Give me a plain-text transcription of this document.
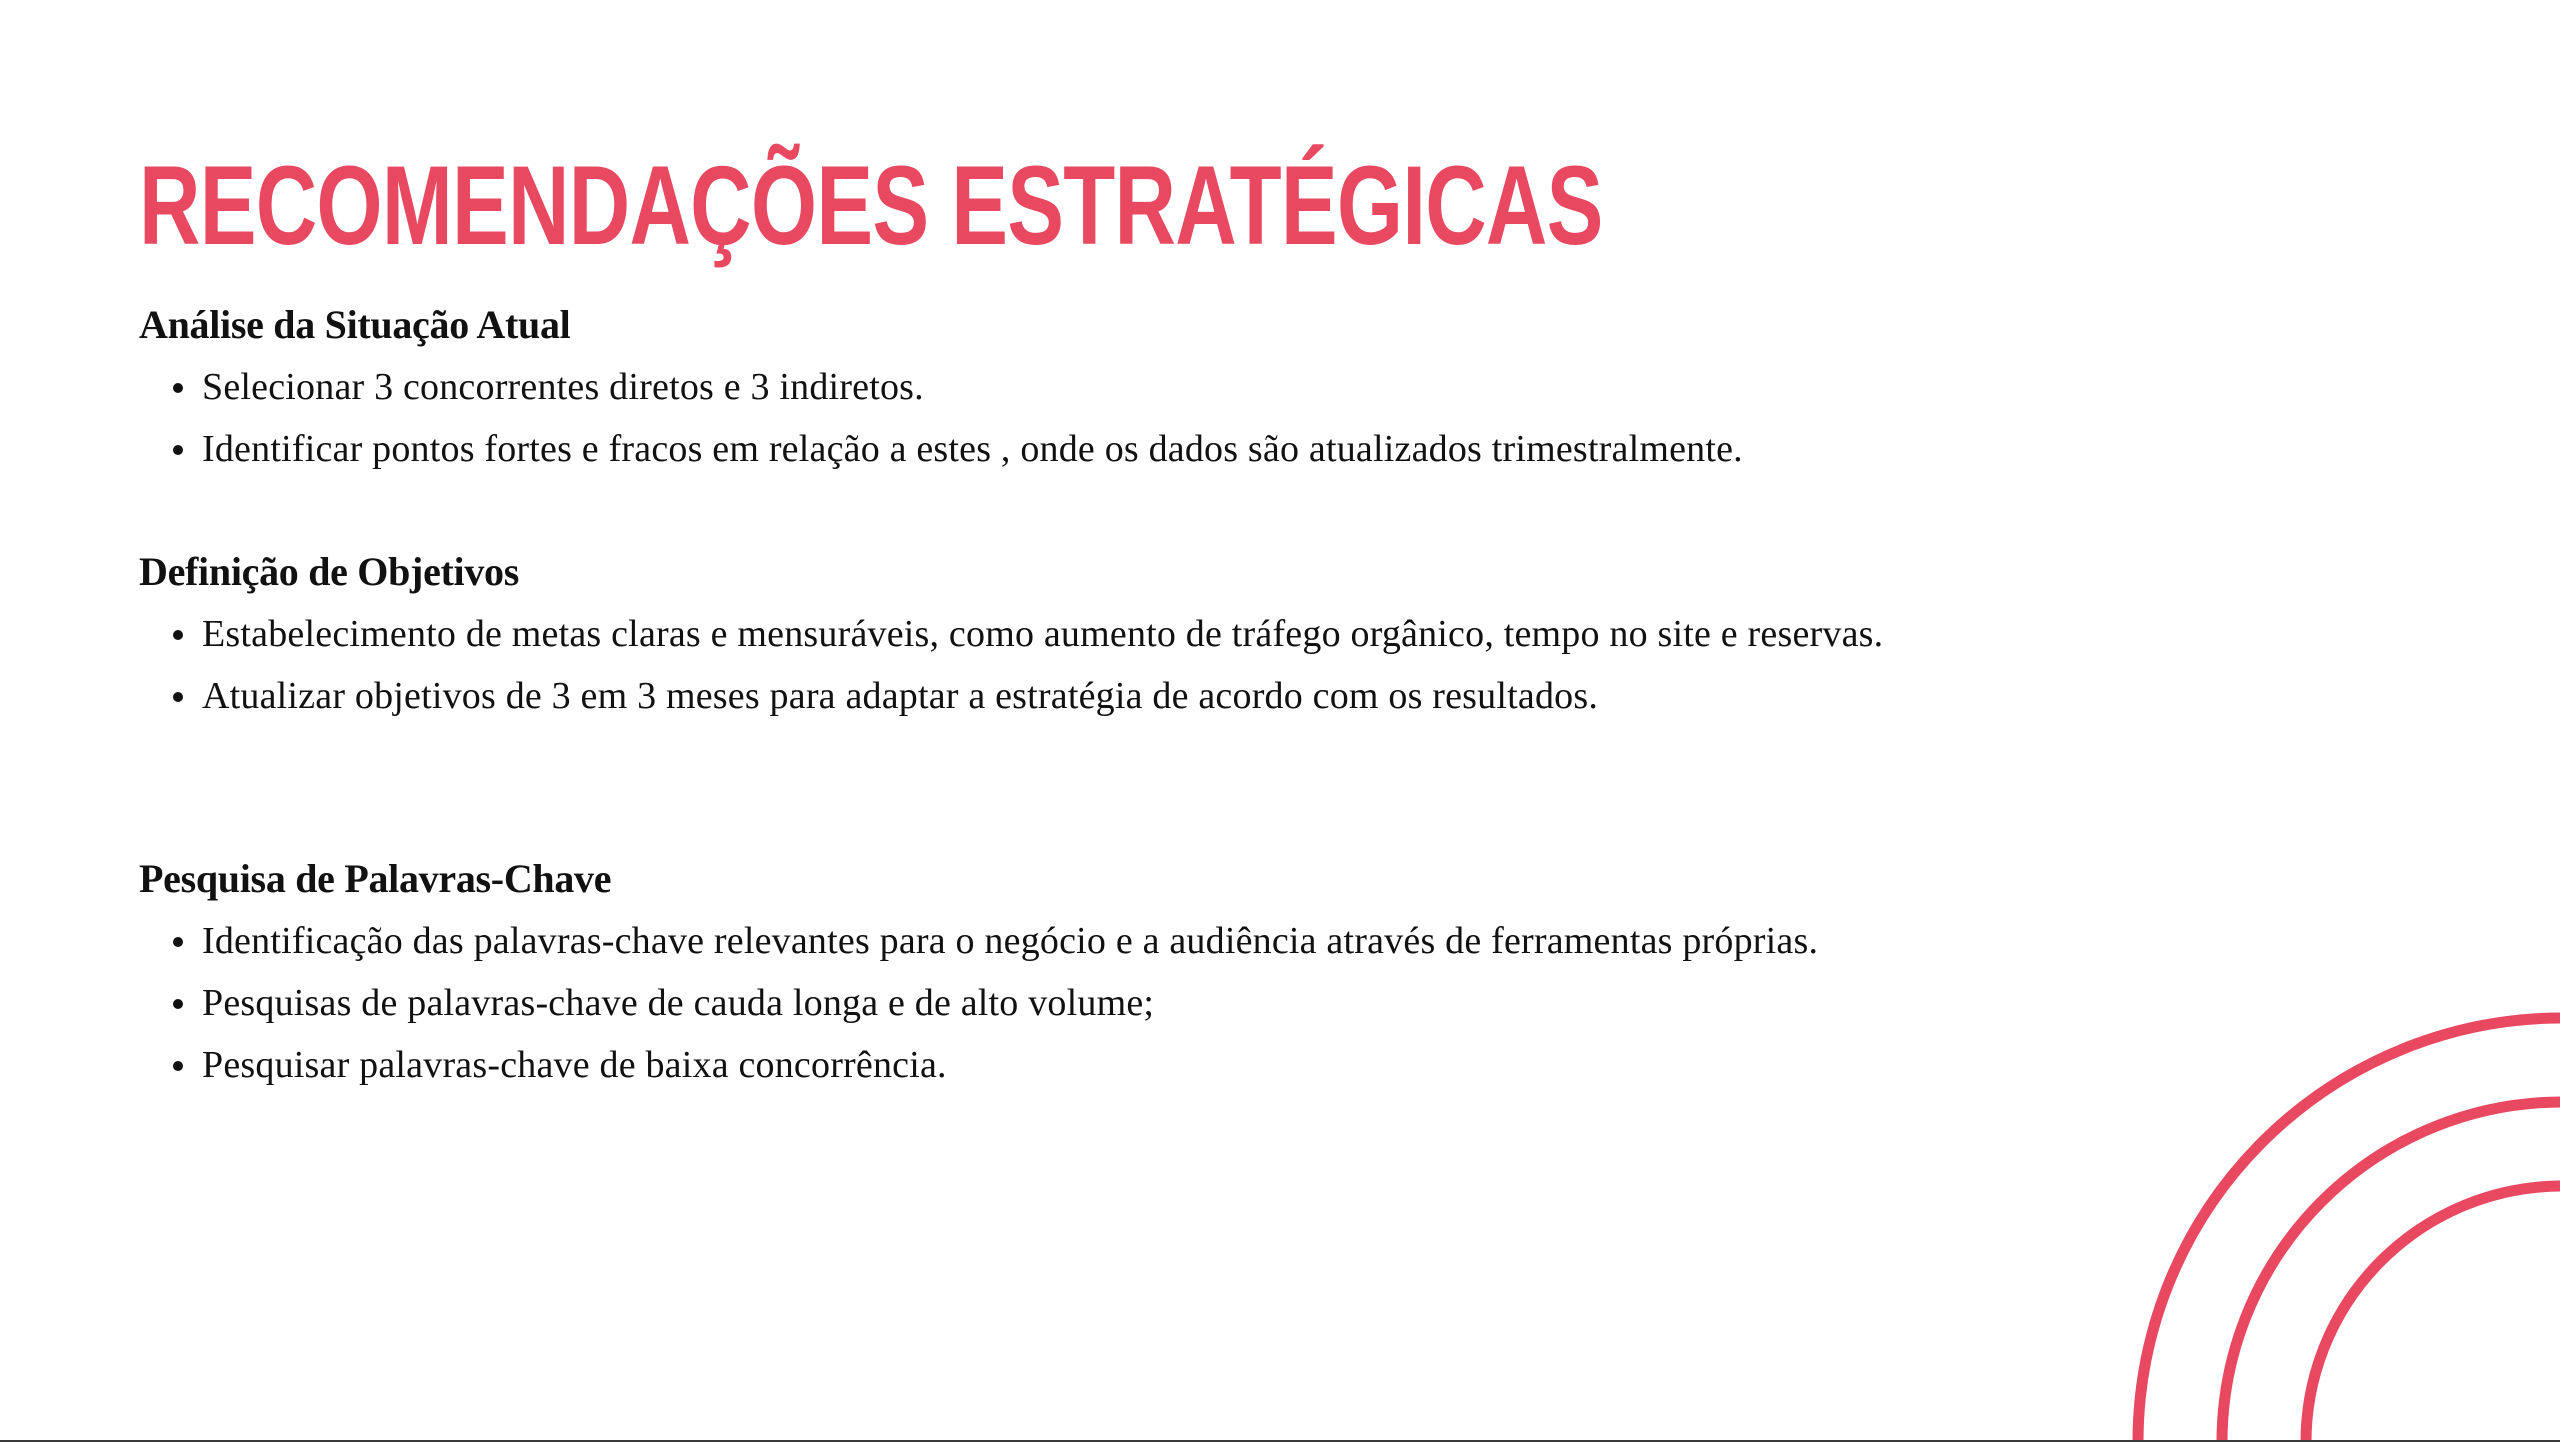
RECOMENDAÇÕES ESTRATÉGICAS
Análise da Situação Atual
Selecionar 3 concorrentes diretos e 3 indiretos.
Identificar pontos fortes e fracos em relação a estes , onde os dados são atualizados trimestralmente.
Definição de Objetivos
Estabelecimento de metas claras e mensuráveis, como aumento de tráfego orgânico, tempo no site e reservas.
Atualizar objetivos de 3 em 3 meses para adaptar a estratégia de acordo com os resultados.
Pesquisa de Palavras-Chave
Identificação das palavras-chave relevantes para o negócio e a audiência através de ferramentas próprias.
Pesquisas de palavras-chave de cauda longa e de alto volume;
Pesquisar palavras-chave de baixa concorrência.
